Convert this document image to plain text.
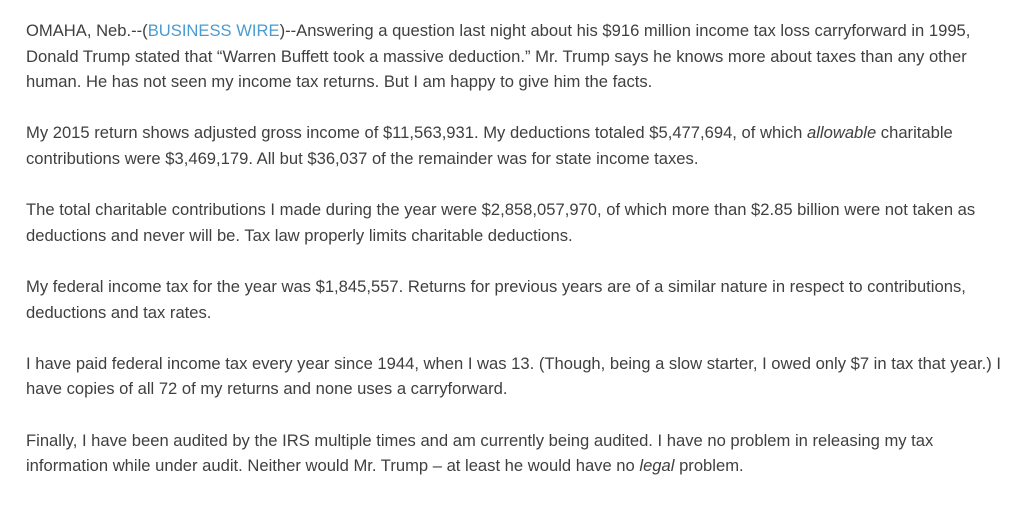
OMAHA, Neb.--(BUSINESS WIRE)--Answering a question last night about his $916 million income tax loss carryforward in 1995, Donald Trump stated that “Warren Buffett took a massive deduction.” Mr. Trump says he knows more about taxes than any other human. He has not seen my income tax returns. But I am happy to give him the facts.

My 2015 return shows adjusted gross income of $11,563,931. My deductions totaled $5,477,694, of which allowable charitable contributions were $3,469,179. All but $36,037 of the remainder was for state income taxes.

The total charitable contributions I made during the year were $2,858,057,970, of which more than $2.85 billion were not taken as deductions and never will be. Tax law properly limits charitable deductions.

My federal income tax for the year was $1,845,557. Returns for previous years are of a similar nature in respect to contributions, deductions and tax rates.

I have paid federal income tax every year since 1944, when I was 13. (Though, being a slow starter, I owed only $7 in tax that year.) I have copies of all 72 of my returns and none uses a carryforward.

Finally, I have been audited by the IRS multiple times and am currently being audited. I have no problem in releasing my tax information while under audit. Neither would Mr. Trump – at least he would have no legal problem.
